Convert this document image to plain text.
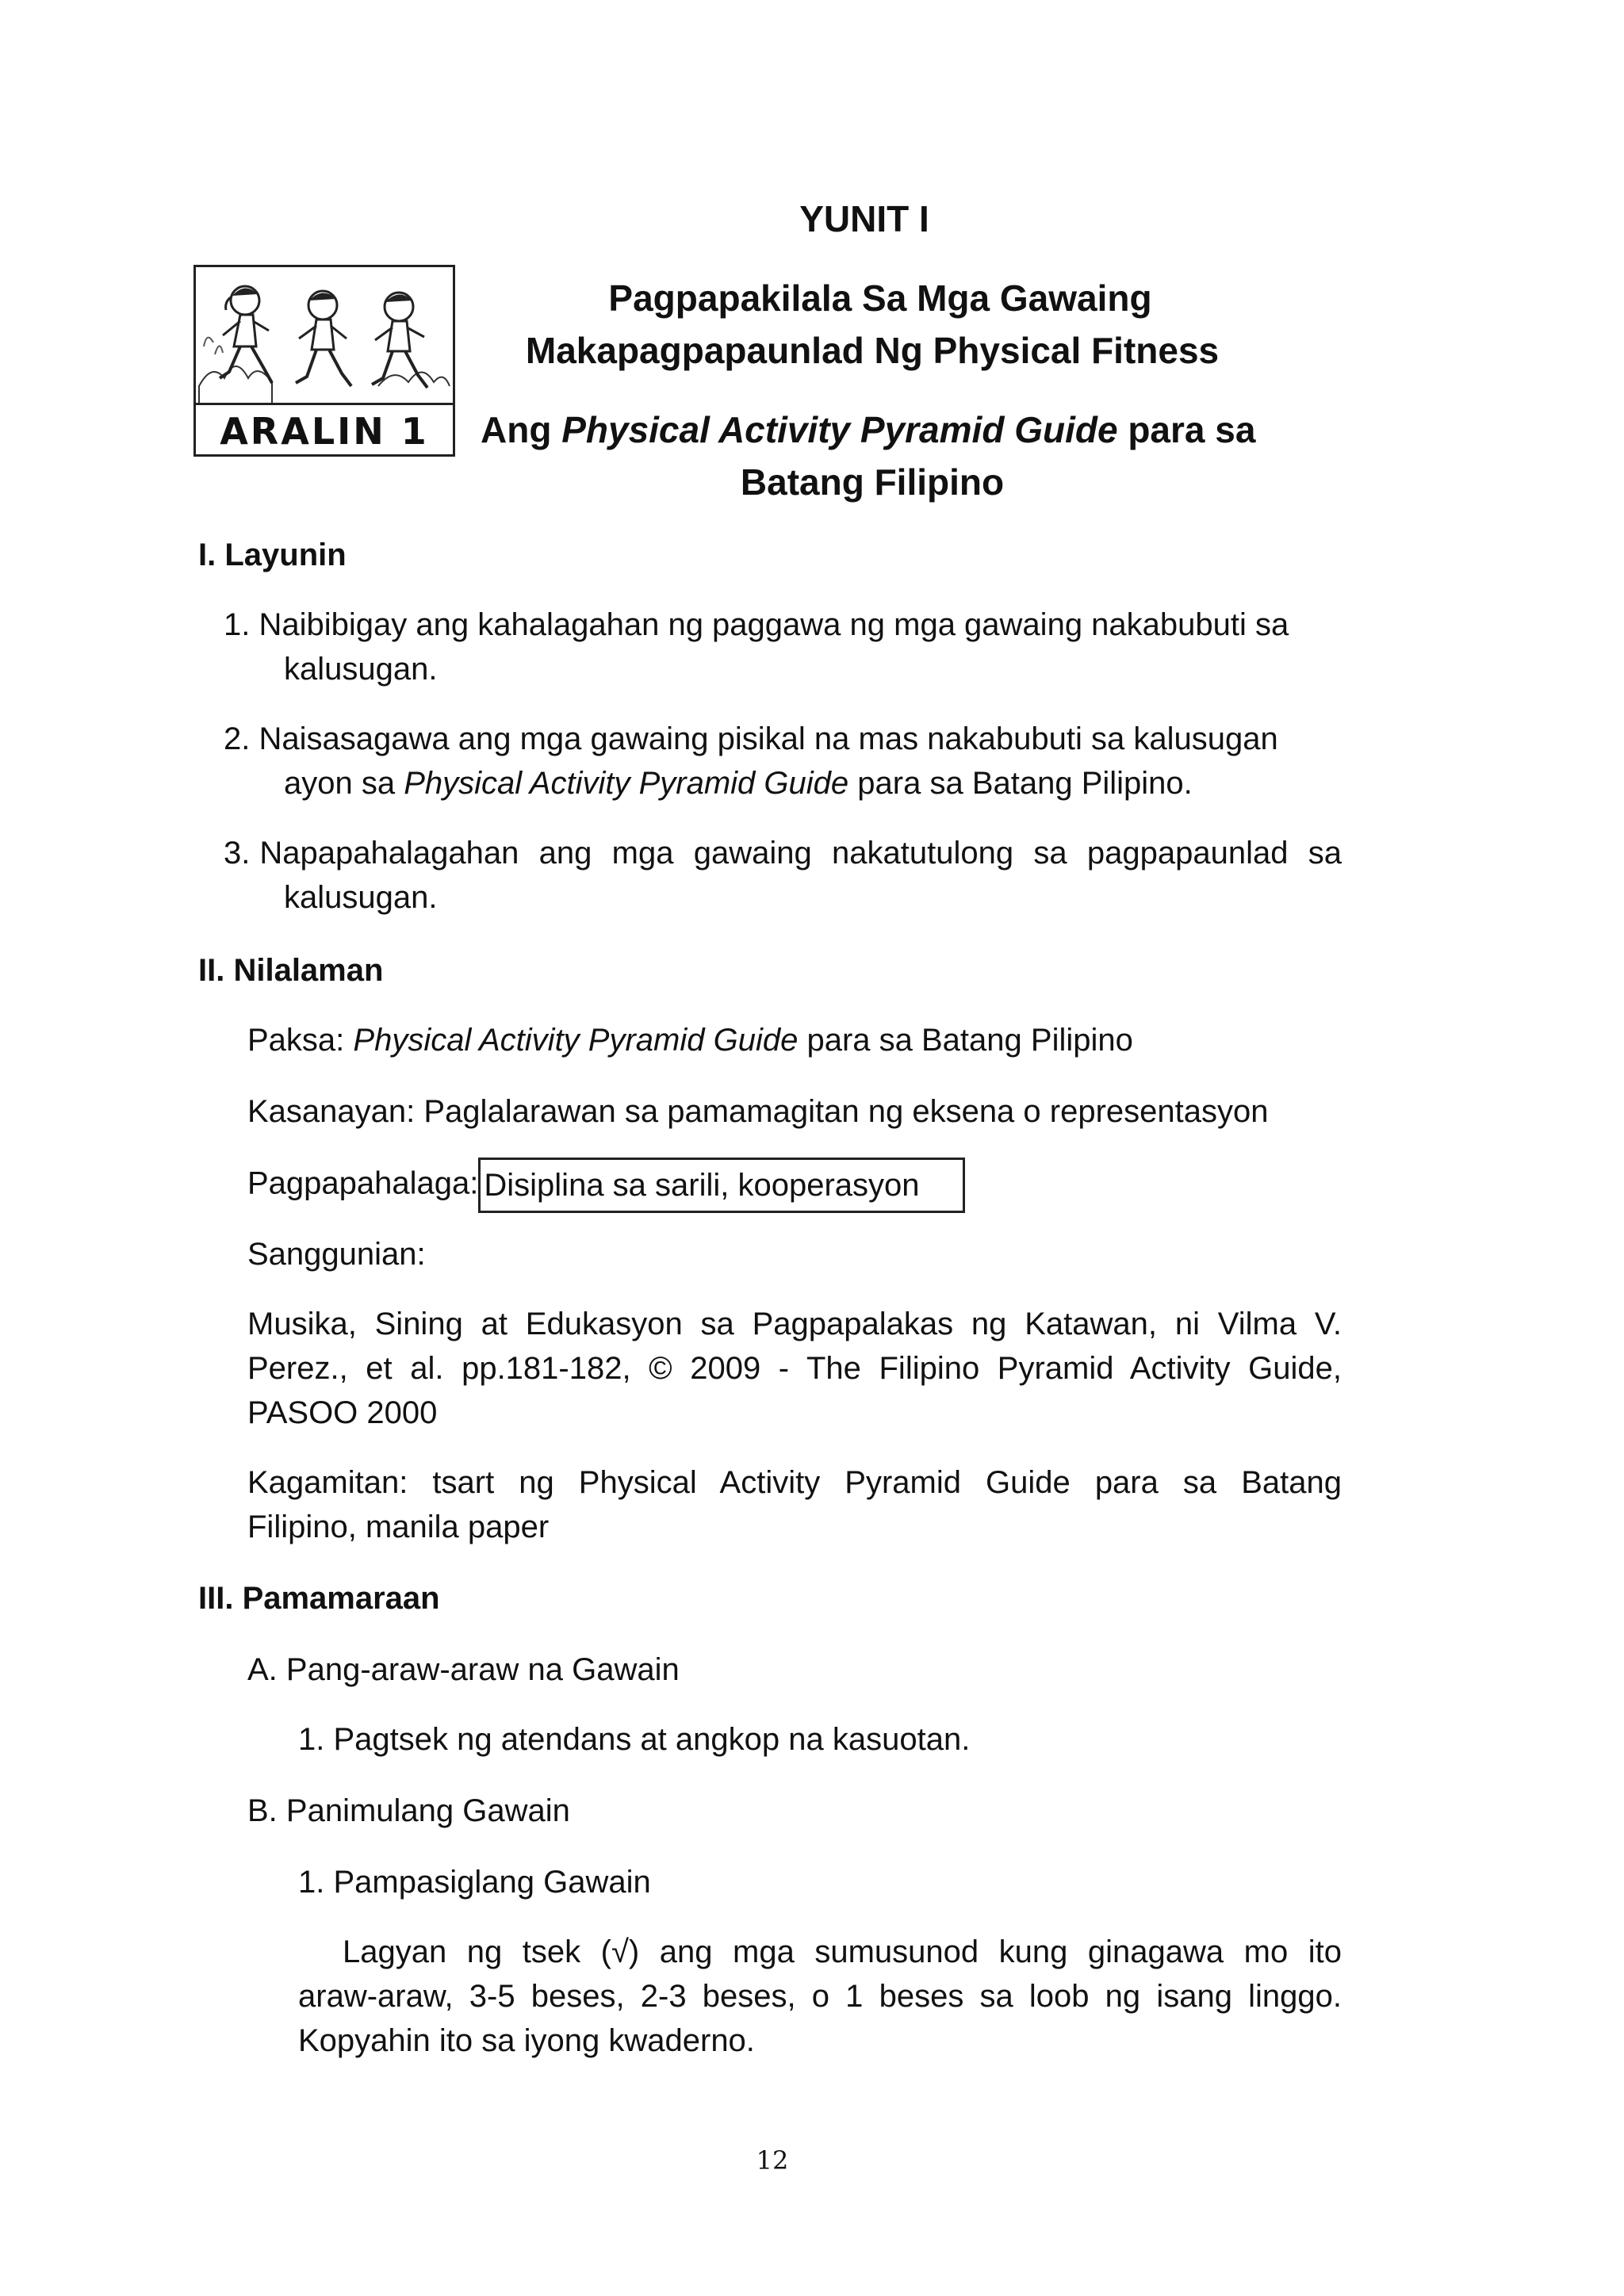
YUNIT I
Pagpapakilala Sa Mga Gawaing
Makapagpapaunlad Ng Physical Fitness
Ang Physical Activity Pyramid Guide para sa
Batang Filipino
ARALIN 1
I. Layunin
1. Naibibigay ang kahalagahan ng paggawa ng mga gawaing nakabubuti sa
kalusugan.
2. Naisasagawa ang mga gawaing pisikal na mas nakabubuti sa kalusugan
ayon sa Physical Activity Pyramid Guide para sa Batang Pilipino.
3. Napapahalagahan ang mga gawaing nakatutulong sa pagpapaunlad sa
kalusugan.
II. Nilalaman
Paksa: Physical Activity Pyramid Guide para sa Batang Pilipino
Kasanayan: Paglalarawan sa pamamagitan ng eksena o representasyon
Pagpapahalaga: Disiplina sa sarili, kooperasyon
Sanggunian:
Musika, Sining at Edukasyon sa Pagpapalakas ng Katawan, ni Vilma V.
Perez., et al. pp.181-182, © 2009 - The Filipino Pyramid Activity Guide,
PASOO 2000
Kagamitan: tsart ng Physical Activity Pyramid Guide para sa Batang
Filipino, manila paper
III. Pamamaraan
A. Pang-araw-araw na Gawain
1. Pagtsek ng atendans at angkop na kasuotan.
B. Panimulang Gawain
1. Pampasiglang Gawain
Lagyan ng tsek (√) ang mga sumusunod kung ginagawa mo ito
araw-araw, 3-5 beses, 2-3 beses, o 1 beses sa loob ng isang linggo.
Kopyahin ito sa iyong kwaderno.
12
